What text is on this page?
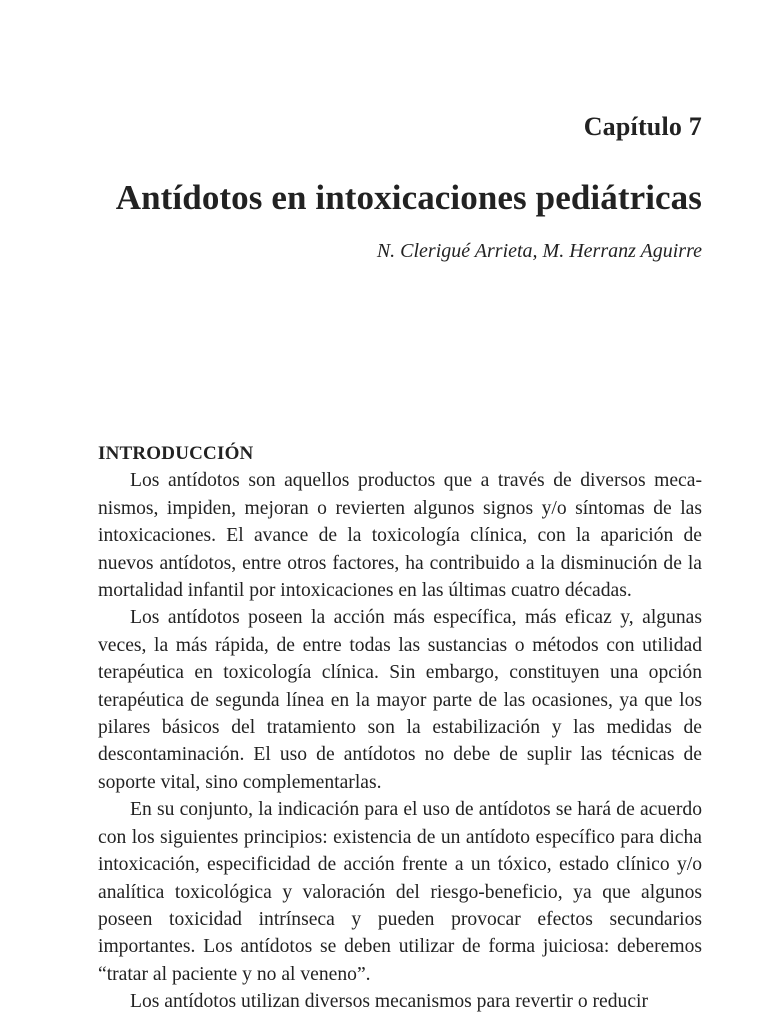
Capítulo 7
Antídotos en intoxicaciones pediátricas
N. Clerigué Arrieta, M. Herranz Aguirre
INTRODUCCIÓN

Los antídotos son aquellos productos que a través de diversos mecanismos, impiden, mejoran o revierten algunos signos y/o síntomas de las intoxicaciones. El avance de la toxicología clínica, con la aparición de nuevos antídotos, entre otros factores, ha contribuido a la disminución de la mortalidad infantil por intoxicaciones en las últimas cuatro décadas.

Los antídotos poseen la acción más específica, más eficaz y, algunas veces, la más rápida, de entre todas las sustancias o métodos con utilidad terapéutica en toxicología clínica. Sin embargo, constituyen una opción terapéutica de segunda línea en la mayor parte de las ocasiones, ya que los pilares básicos del tratamiento son la estabilización y las medidas de descontaminación. El uso de antídotos no debe de suplir las técnicas de soporte vital, sino complementarlas.

En su conjunto, la indicación para el uso de antídotos se hará de acuerdo con los siguientes principios: existencia de un antídoto específico para dicha intoxicación, especificidad de acción frente a un tóxico, estado clínico y/o analítica toxicológica y valoración del riesgo-beneficio, ya que algunos poseen toxicidad intrínseca y pueden provocar efectos secundarios importantes. Los antídotos se deben utilizar de forma juiciosa: deberemos “tratar al paciente y no al veneno”.

Los antídotos utilizan diversos mecanismos para revertir o reducir
